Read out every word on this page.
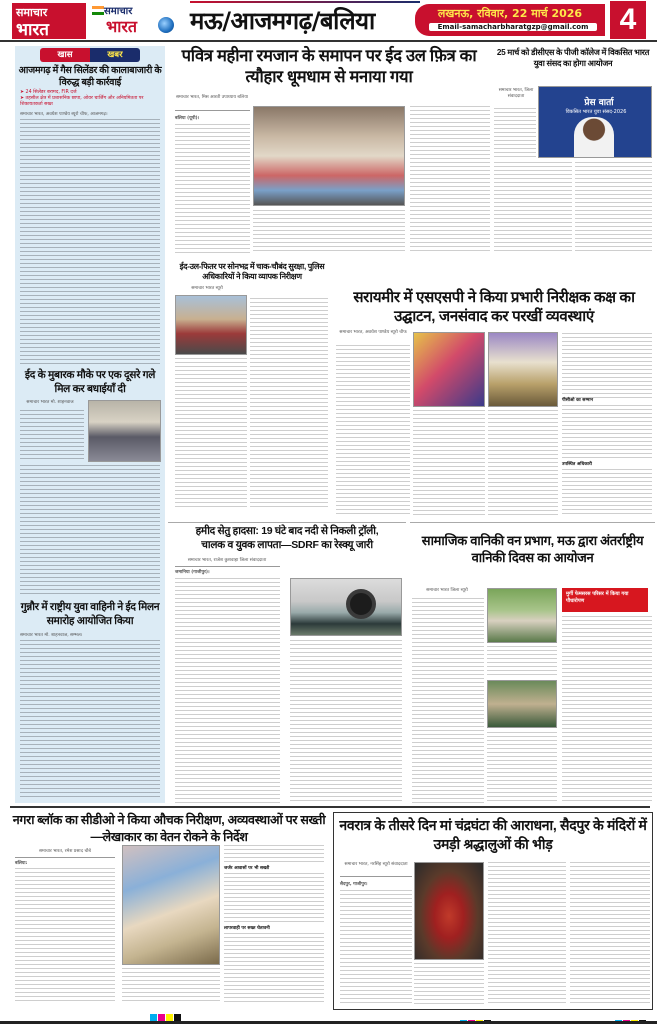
समाचार
भारत
समाचार
भारत मऊ/आजमगढ़/बलिया	लखनऊ, रविवार, 22 मार्च 2026
Email-samacharbharatgzp@gmail.com	4
खास	खबर
आजमगढ़ में गैस सिलेंडर की कालाबाजारी के विरुद्ध बड़ी कार्रवाई
➤ 24 सिलेंडर बरामद, FIR दर्ज
➤ तहसील क्षेत्र में प्रशासनिक छापा, ओवर चार्जिंग और अनियमितता पर शिकायतकर्ता सख्त
समाचार भारत, अवधेश पाण्डेय ब्यूरो चीफ, आजमगढ़।
ईद के मुबारक मौके पर एक दूसरे गले मिल कर बधाईयाँ दी
समाचार भारत मो. शाहनवाज
गुन्नौर में राष्ट्रीय युवा वाहिनी ने ईद मिलन समारोह आयोजित किया
समाचार भारत मो. शाहनवाज, सम्भल।
पवित्र महीना रमजान के समापन पर ईद उल फ़ित्र का त्यौहार धूमधाम से मनाया गया
समाचार भारत, मिस आरती उपाध्याय बलिया
बलिया (यूपी)।
ईद-उल-फितर पर सोनभद्र में चाक-चौबंद सुरक्षा, पुलिस अधिकारियों ने किया व्यापक निरीक्षण
समाचार भारत ब्यूरो
25 मार्च को डीसीएस के पीजी कॉलेज में विकसित भारत युवा संसद का होगा आयोजन
समाचार भारत, जिला संवाददाता
प्रेस वार्ता
विकसित भारत युवा संसद-2026
सरायमीर में एसएसपी ने किया प्रभारी निरीक्षक कक्ष का उद्घाटन, जनसंवाद कर परखीं व्यवस्थाएं
समाचार भारत, अवधेश पाण्डेय ब्यूरो चीफ
पीसीओ का सम्मान
उपस्थित अधिकारी
हमीद सेतु हादसा: 19 घंटे बाद नदी से निकली ट्रॉली,
चालक व युवक लापता—SDRF का रेस्क्यू जारी
समाचार भारत, राजेश कुशवाहा जिला संवाददाता
जमानिया (गाजीपुर)।
सामाजिक वानिकी वन प्रभाग, मऊ द्वारा अंतर्राष्ट्रीय वानिकी दिवस का आयोजन
समाचार भारत जिला ब्यूरो
मुर्गी फेमसरस परिसर में किया गया पौधारोपण
नगरा ब्लॉक का सीडीओ ने किया औचक निरीक्षण, अव्यवस्थाओं पर सख्ती—लेखाकार का वेतन रोकने के निर्देश
समाचार भारत, रमेश प्रसाद चौबे
बलिया:
जर्जर आवासों पर भी सख्ती
लापरवाही पर सख्त चेतावनी
नवरात्र के तीसरे दिन मां चंद्रघंटा की आराधना, सैदपुर के मंदिरों में उमड़ी श्रद्धालुओं की भीड़
समाचार भारत, नरसिंह ब्यूरो संवाददाता
सैदपुर, गाजीपुर।
